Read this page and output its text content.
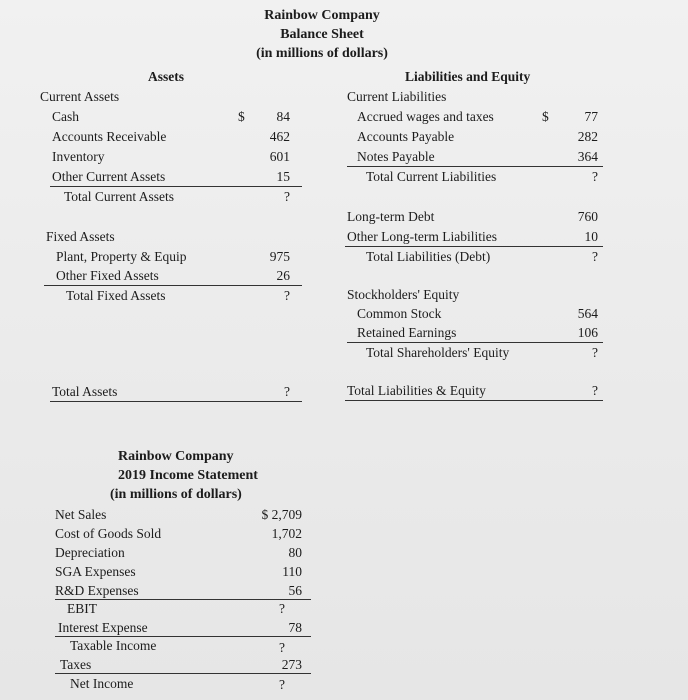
Rainbow Company
Balance Sheet
(in millions of dollars)
Assets
Current Assets
Cash	$	84
Accounts Receivable	462
Inventory	601
Other Current Assets	15
Total Current Assets	?
Fixed Assets
Plant, Property & Equip	975
Other Fixed Assets	26
Total Fixed Assets	?
Total Assets	?
Liabilities and Equity
Current Liabilities
Accrued wages and taxes	$	77
Accounts Payable	282
Notes Payable	364
Total Current Liabilities	?
Long-term Debt	760
Other Long-term Liabilities	10
Total Liabilities (Debt)	?
Stockholders' Equity
Common Stock	564
Retained Earnings	106
Total Shareholders' Equity	?
Total Liabilities & Equity	?
Rainbow Company
2019 Income Statement
(in millions of dollars)
Net Sales	$ 2,709
Cost of Goods Sold	1,702
Depreciation	80
SGA Expenses	110
R&D Expenses	56
EBIT	?
Interest Expense	78
Taxable Income	?
Taxes	273
Net Income	?
